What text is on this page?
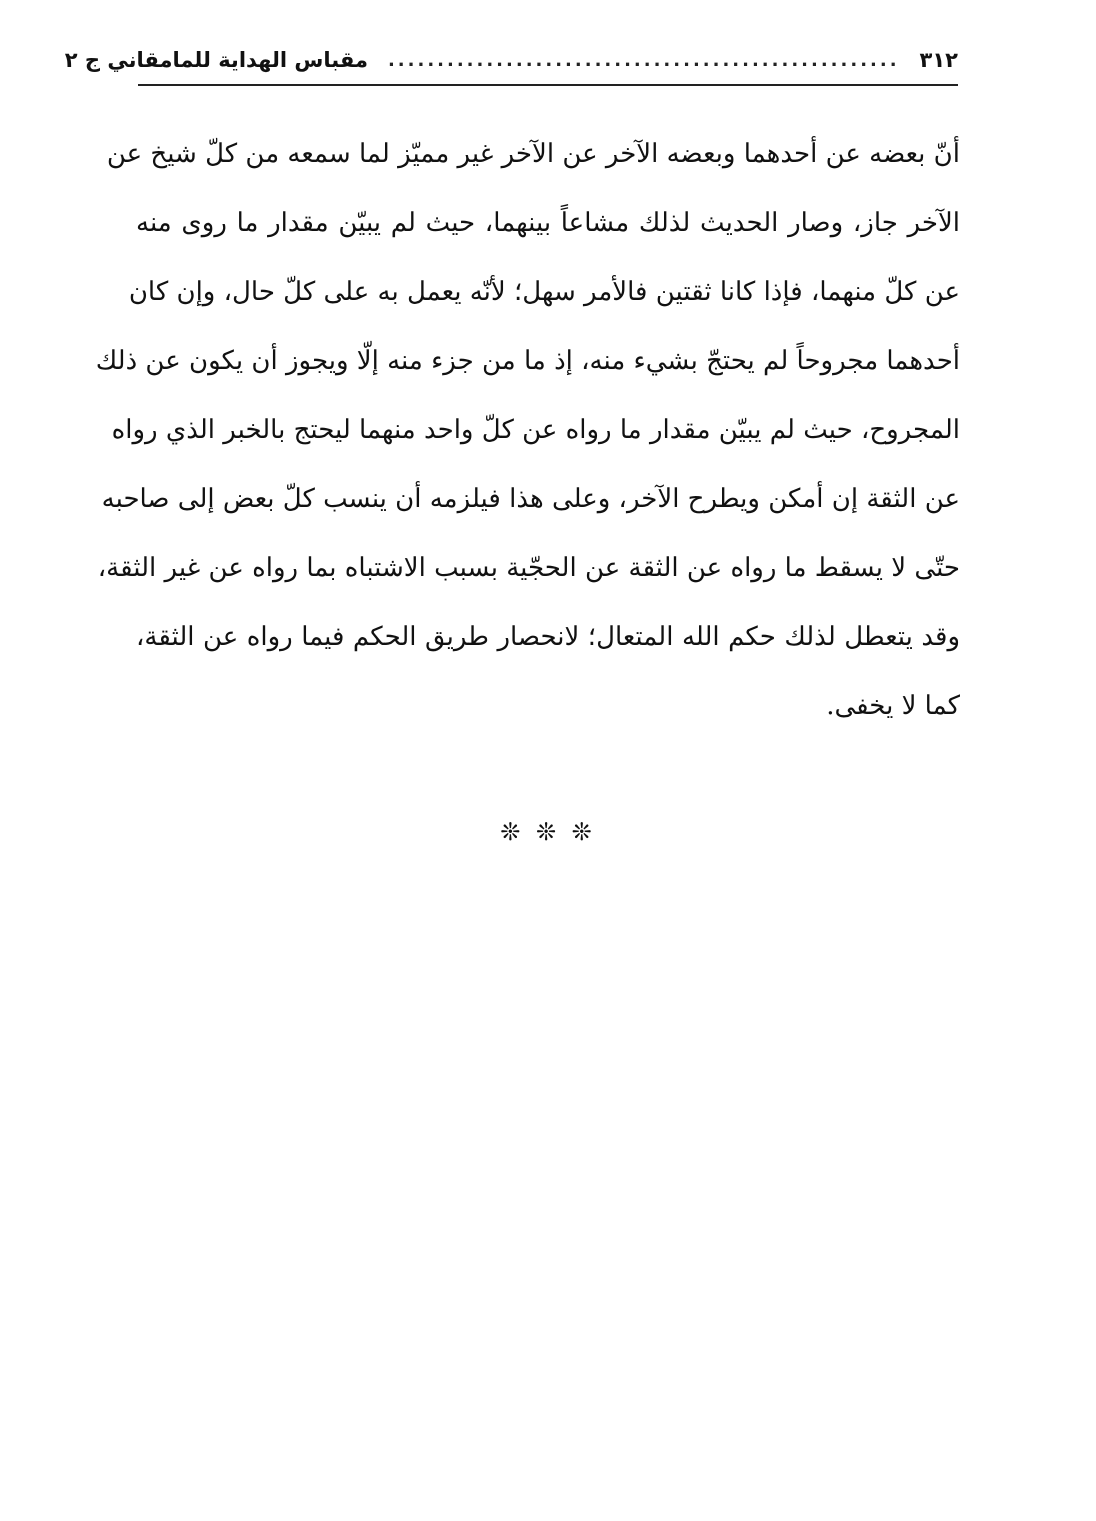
٣١٢
....................................................
مقباس الهداية للمامقاني ج ٢
أنّ بعضه عن أحدهما وبعضه الآخر عن الآخر غير مميّز لما سمعه من كلّ شيخ عن
الآخر جاز، وصار الحديث لذلك مشاعاً بينهما، حيث لم يبيّن مقدار ما روى منه
عن كلّ منهما، فإذا كانا ثقتين فالأمر سهل؛ لأنّه يعمل به على كلّ حال، وإن كان
أحدهما مجروحاً لم يحتجّ بشيء منه، إذ ما من جزء منه إلّا ويجوز أن يكون عن ذلك
المجروح، حيث لم يبيّن مقدار ما رواه عن كلّ واحد منهما ليحتج بالخبر الذي رواه
عن الثقة إن أمكن ويطرح الآخر، وعلى هذا فيلزمه أن ينسب كلّ بعض إلى صاحبه
حتّى لا يسقط ما رواه عن الثقة عن الحجّية بسبب الاشتباه بما رواه عن غير الثقة،
وقد يتعطل لذلك حكم الله المتعال؛ لانحصار طريق الحكم فيما رواه عن الثقة،
كما لا يخفى.
❊ ❊ ❊
